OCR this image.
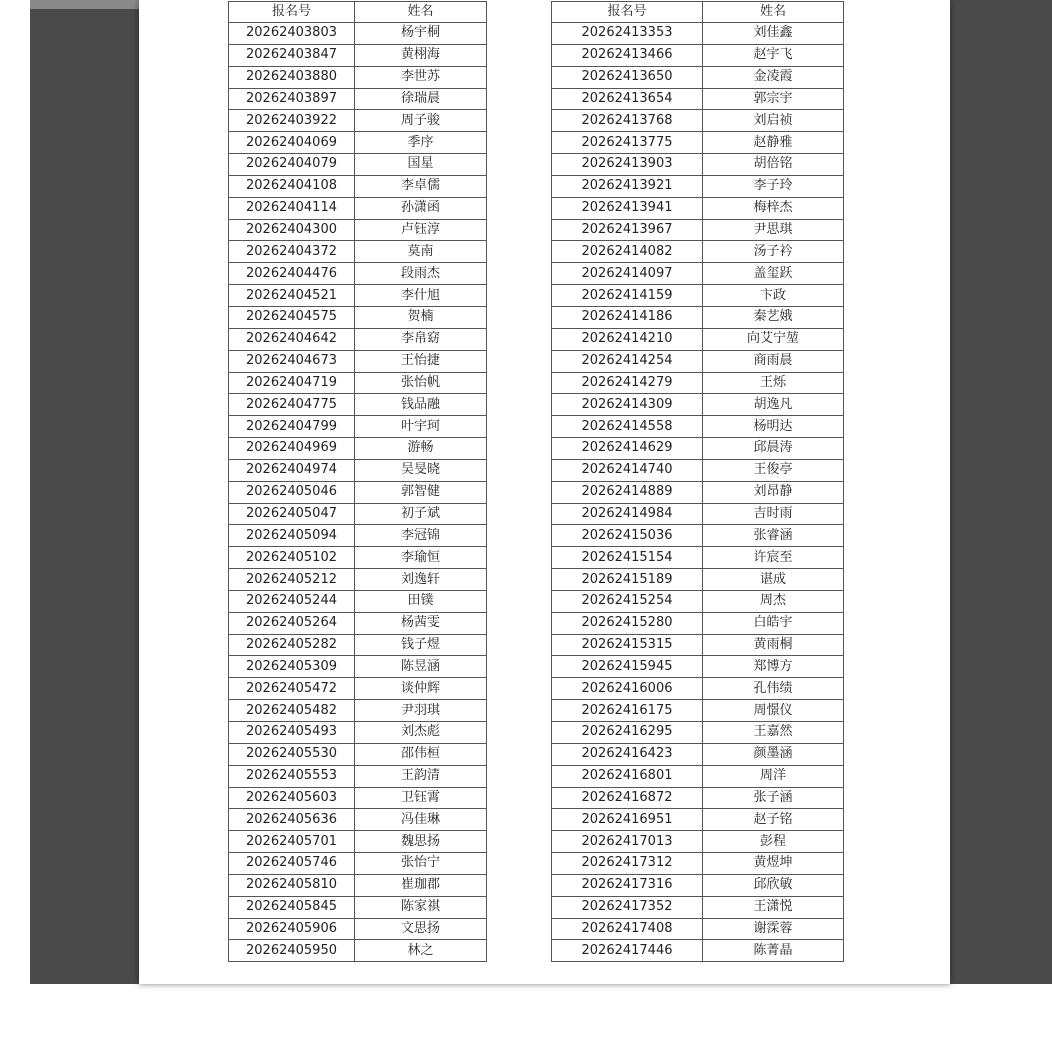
报名号	姓名
20262403803	杨宇桐
20262403847	黄栩海
20262403880	李世苏
20262403897	徐瑞晨
20262403922	周子骏
20262404069	季序
20262404079	国星
20262404108	李卓儒
20262404114	孙潇函
20262404300	卢钰淳
20262404372	莫南
20262404476	段雨杰
20262404521	李什旭
20262404575	贺楠
20262404642	李帛窈
20262404673	王怡捷
20262404719	张怡帆
20262404775	钱品融
20262404799	叶宇珂
20262404969	游畅
20262404974	吴旻晓
20262405046	郭智健
20262405047	初子斌
20262405094	李冠锦
20262405102	李瑜恒
20262405212	刘逸轩
20262405244	田镤
20262405264	杨茜雯
20262405282	钱子煜
20262405309	陈昱涵
20262405472	谈仲辉
20262405482	尹羽琪
20262405493	刘杰彪
20262405530	邵伟桓
20262405553	王韵清
20262405603	卫钰霄
20262405636	冯佳琳
20262405701	魏思扬
20262405746	张怡宁
20262405810	崔珈郡
20262405845	陈家祺
20262405906	文思扬
20262405950	林之
报名号	姓名
20262413353	刘佳鑫
20262413466	赵宇飞
20262413650	金凌霞
20262413654	郭宗宇
20262413768	刘启祯
20262413775	赵静雅
20262413903	胡倍铭
20262413921	李子玲
20262413941	梅梓杰
20262413967	尹思琪
20262414082	汤子衿
20262414097	盖玺跃
20262414159	卞政
20262414186	秦艺娥
20262414210	向艾宁堃
20262414254	商雨晨
20262414279	王烁
20262414309	胡逸凡
20262414558	杨明达
20262414629	邱晨涛
20262414740	王俊亭
20262414889	刘昂静
20262414984	吉时雨
20262415036	张睿涵
20262415154	许宸至
20262415189	谌成
20262415254	周杰
20262415280	白皓宇
20262415315	黄雨桐
20262415945	郑博方
20262416006	孔伟绩
20262416175	周憬仪
20262416295	王嘉然
20262416423	颜墨涵
20262416801	周洋
20262416872	张子涵
20262416951	赵子铭
20262417013	彭程
20262417312	黄煜坤
20262417316	邱欣敏
20262417352	王潇悦
20262417408	谢霂蓉
20262417446	陈菁晶
